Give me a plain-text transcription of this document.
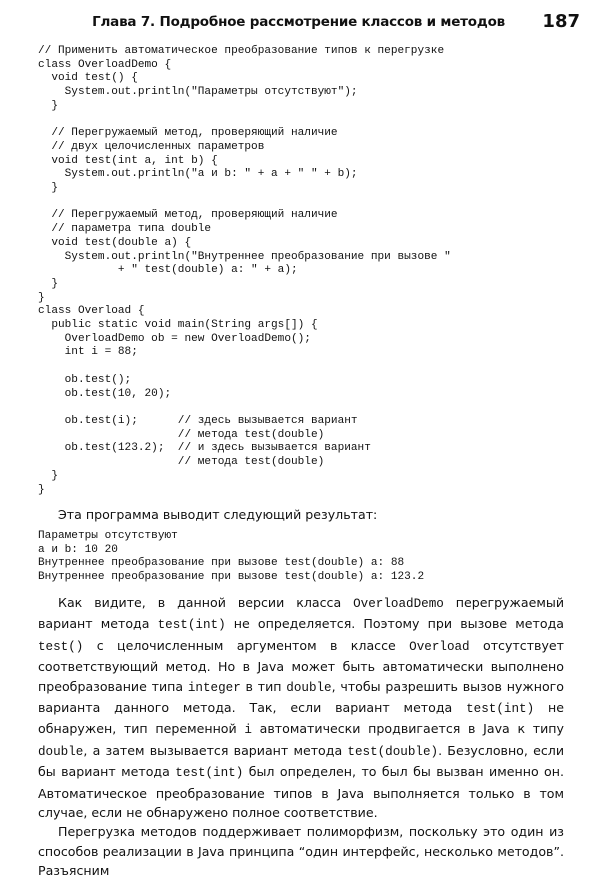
Глава 7. Подробное рассмотрение классов и методов 187
// Применить автоматическое преобразование типов к перегрузке
class OverloadDemo {
void test() {
System.out.println("Параметры отсутствуют");
}

// Перегружаемый метод, проверяющий наличие
// двух целочисленных параметров
void test(int a, int b) {
System.out.println("a и b: " + a + " " + b);
}

// Перегружаемый метод, проверяющий наличие
// параметра типа double
void test(double a) {
System.out.println("Внутреннее преобразование при вызове "
+ " test(double) a: " + a);
}
}
class Overload {
public static void main(String args[]) {
OverloadDemo ob = new OverloadDemo();
int i = 88;

ob.test();
ob.test(10, 20);

ob.test(i);      // здесь вызывается вариант
// метода test(double)
ob.test(123.2);  // и здесь вызывается вариант
// метода test(double)
}
}
Эта программа выводит следующий результат:
Параметры отсутствуют
а и b: 10 20
Внутреннее преобразование при вызове test(double) a: 88
Внутреннее преобразование при вызове test(double) a: 123.2

Как видите, в данной версии класса OverloadDemo перегружаемый вариант метода test(int) не определяется. Поэтому при вызове метода test() с целочисленным аргументом в классе Overload отсутствует соответствующий метод. Но в Java может быть автоматически выполнено преобразование типа integer в тип double, чтобы разрешить вызов нужного варианта данного метода. Так, если вариант метода test(int) не обнаружен, тип переменной i автоматически продвигается в Java к типу double, а затем вызывается вариант метода test(double). Безусловно, если бы вариант метода test(int) был определен, то был бы вызван именно он. Автоматическое преобразование типов в Java выполняется только в том случае, если не обнаружено полное соответствие.

Перегрузка методов поддерживает полиморфизм, поскольку это один из способов реализации в Java принципа “один интерфейс, несколько методов”. Разъясним
